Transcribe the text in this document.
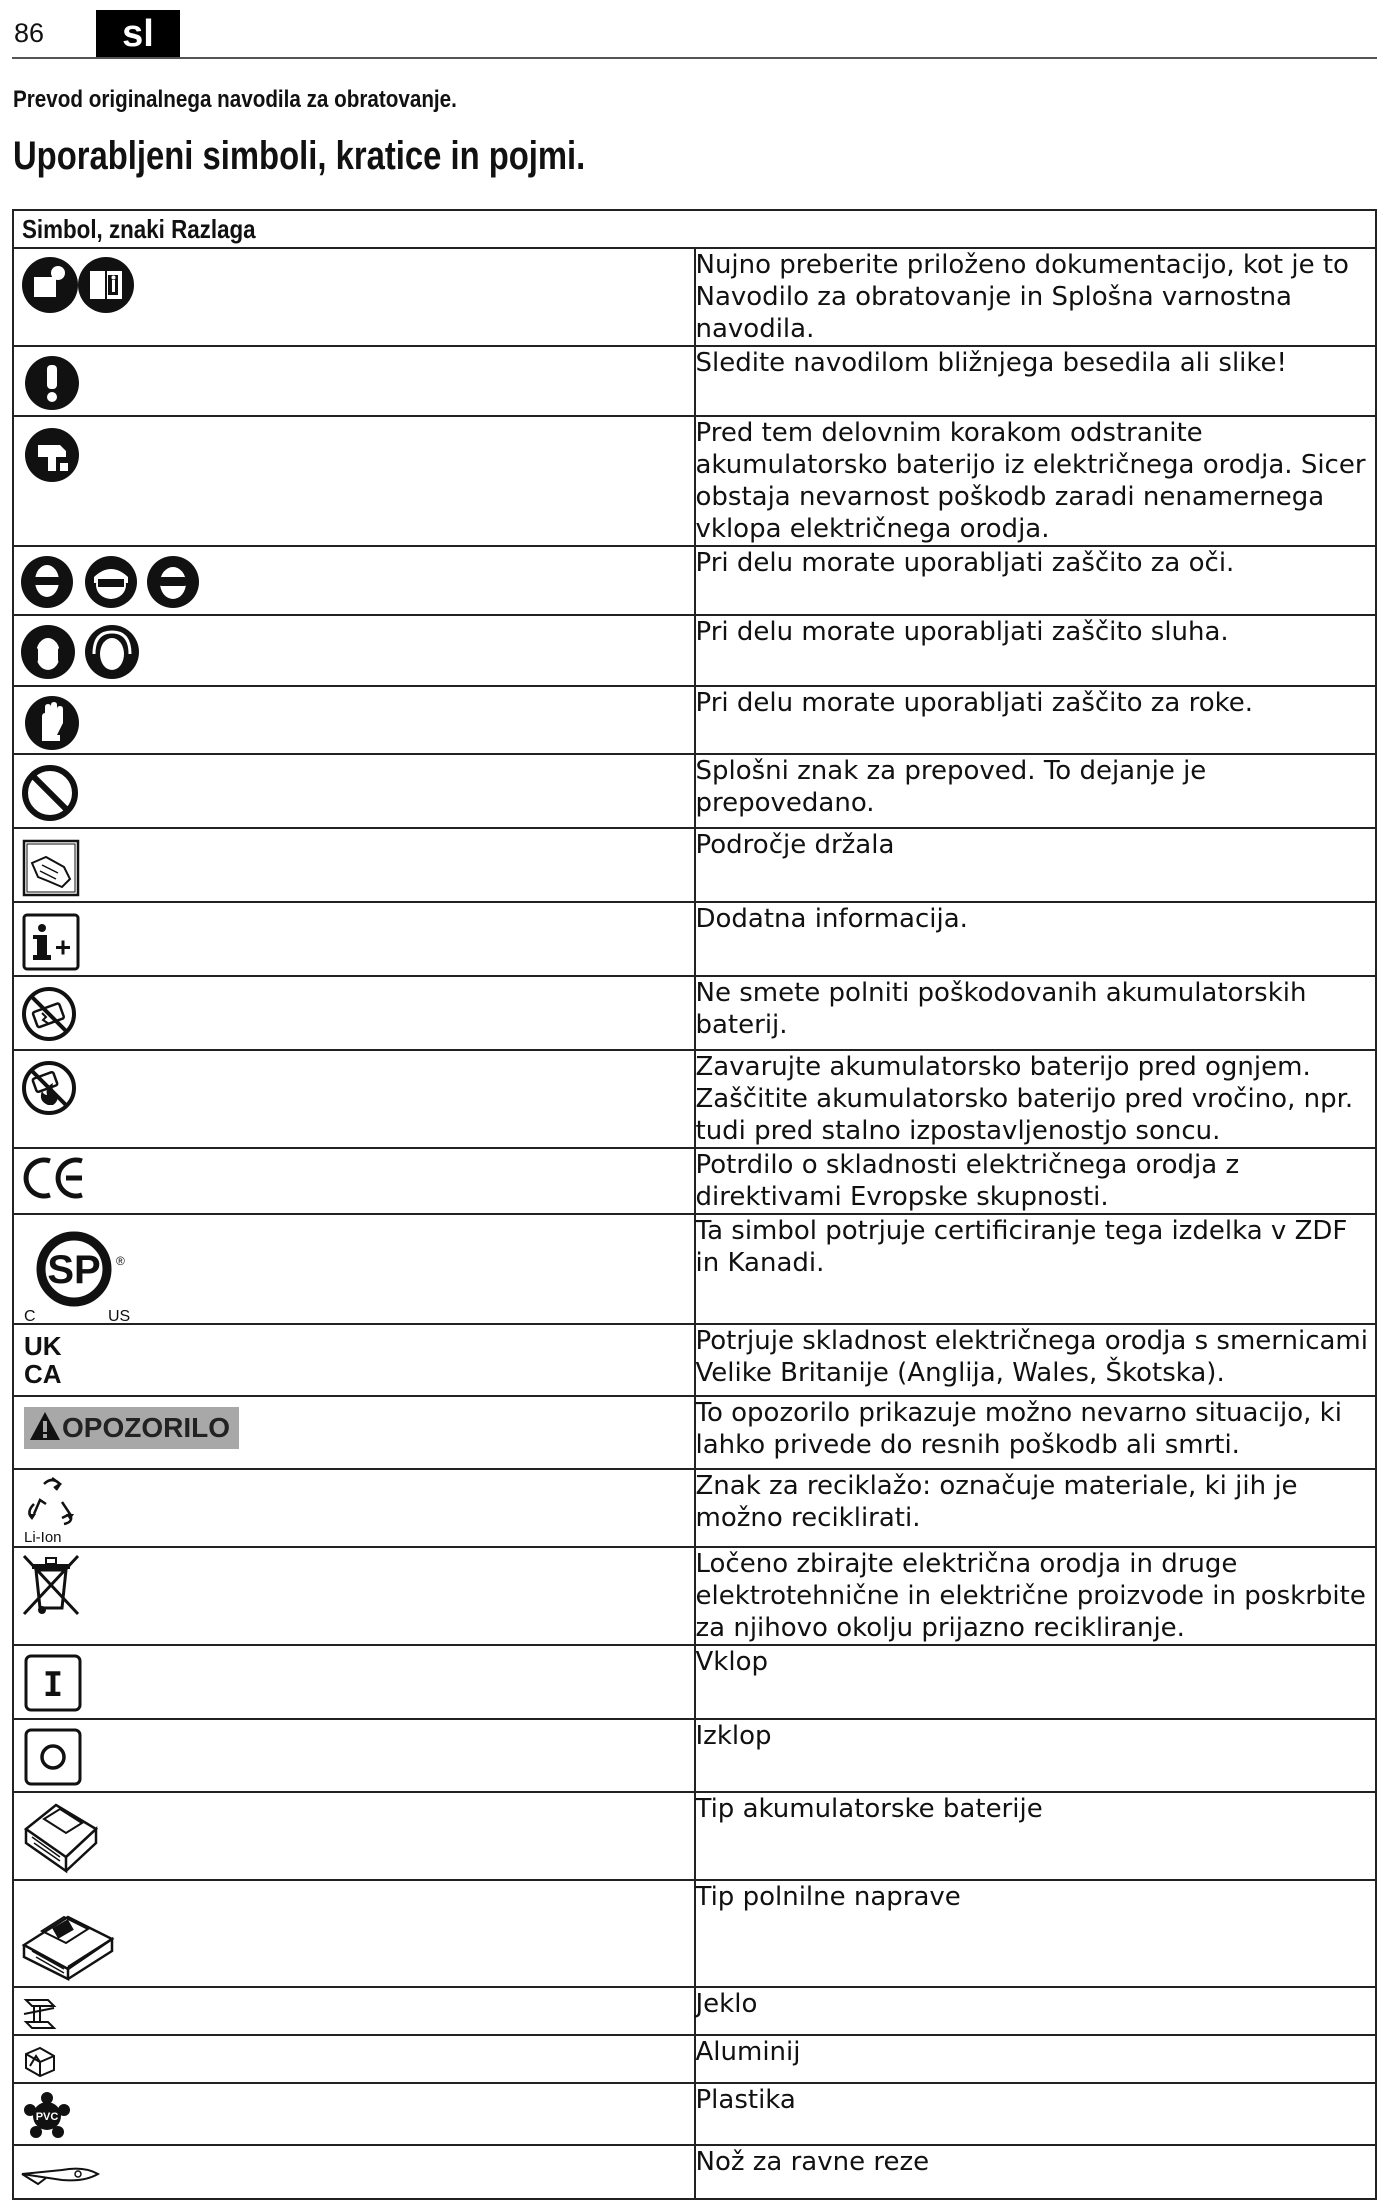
86	sl
Prevod originalnega navodila za obratovanje.
Uporabljeni simboli, kratice in pojmi.
Simbol, znaki Razlaga	

	Nujno preberite priloženo dokumentacijo, kot je to Navodilo za obratovanje in Splošna varnostna navodila.

	Sledite navodilom bližnjega besedila ali slike!

	Pred tem delovnim korakom odstranite akumulatorsko baterijo iz električnega orodja. Sicer obstaja nevarnost poškodb zaradi nenamernega vklopa električnega orodja.

	Pri delu morate uporabljati zaščito za oči.

	Pri delu morate uporabljati zaščito sluha.

	Pri delu morate uporabljati zaščito za roke.

	Splošni znak za prepoved. To dejanje je prepovedano.

	Področje držala

	Dodatna informacija.

	Ne smete polniti poškodovanih akumulatorskih baterij.

	Zavarujte akumulatorsko baterijo pred ognjem. Zaščitite akumulatorsko baterijo pred vročino, npr. tudi pred stalno izpostavljenostjo soncu.

	Potrdilo o skladnosti električnega orodja z direktivami Evropske skupnosti.

SP ®
C US	Ta simbol potrjuje certificiranje tega izdelka v ZDF in Kanadi.

UK
CA	Potrjuje skladnost električnega orodja s smernicami Velike Britanije (Anglija, Wales, Škotska).

OPOZORILO	To opozorilo prikazuje možno nevarno situacijo, ki lahko privede do resnih poškodb ali smrti.

Li-Ion	Znak za reciklažo: označuje materiale, ki jih je možno reciklirati.

	Ločeno zbirajte električna orodja in druge elektrotehnične in električne proizvode in poskrbite za njihovo okolju prijazno recikliranje.

I	Vklop

	Izklop

	Tip akumulatorske baterije

	Tip polnilne naprave

	Jeklo

	Aluminij

PVC	Plastika

	Nož za ravne reze
